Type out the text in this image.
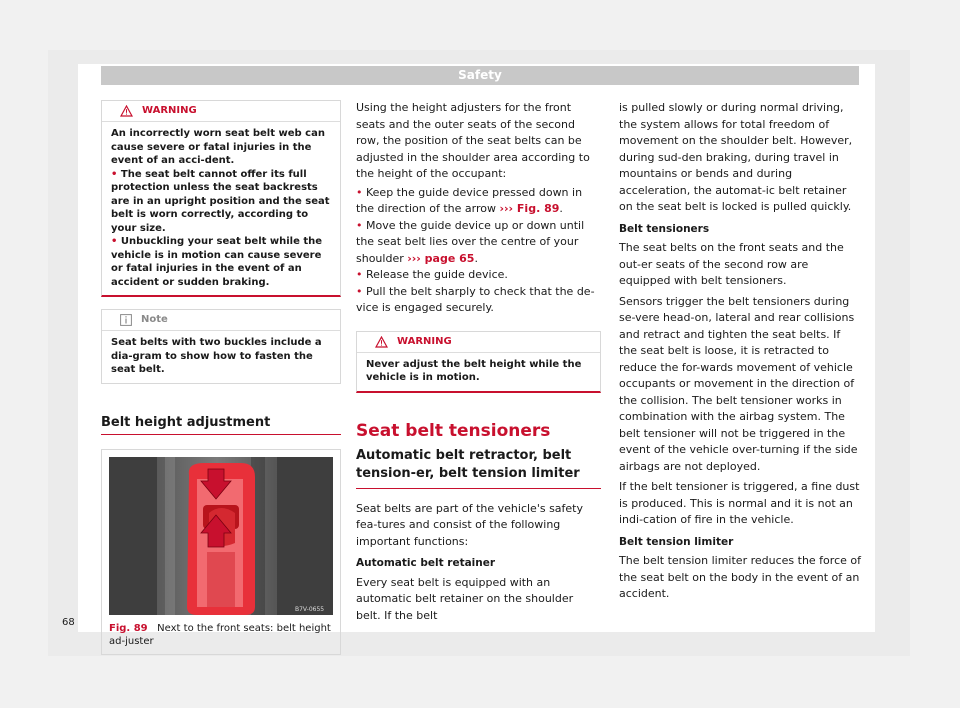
Safety
WARNING

An incorrectly worn seat belt web can cause severe or fatal injuries in the event of an acci-dent.

• The seat belt cannot offer its full protection unless the seat backrests are in an upright position and the seat belt is worn correctly, according to your size.

• Unbuckling your seat belt while the vehicle is in motion can cause severe or fatal injuries in the event of an accident or sudden braking.

Note

Seat belts with two buckles include a dia-gram to show how to fasten the seat belt.

Belt height adjustment
B7V-0655
Fig. 89 Next to the front seats: belt height ad-juster

Using the height adjusters for the front seats and the outer seats of the second row, the position of the seat belts can be adjusted in the shoulder area according to the height of the occupant:

• Keep the guide device pressed down in the direction of the arrow ››› Fig. 89.

• Move the guide device up or down until the seat belt lies over the centre of your shoulder ››› page 65.

• Release the guide device.

• Pull the belt sharply to check that the de-vice is engaged securely.

WARNING

Never adjust the belt height while the vehicle is in motion.

Seat belt tensioners
Automatic belt retractor, belt tension-er, belt tension limiter

Seat belts are part of the vehicle's safety fea-tures and consist of the following important functions:

Automatic belt retainer

Every seat belt is equipped with an automatic belt retainer on the shoulder belt. If the belt

is pulled slowly or during normal driving, the system allows for total freedom of movement on the shoulder belt. However, during sud-den braking, during travel in mountains or bends and during acceleration, the automat-ic belt retainer on the seat belt is locked is pulled quickly.

Belt tensioners

The seat belts on the front seats and the out-er seats of the second row are equipped with belt tensioners.

Sensors trigger the belt tensioners during se-vere head-on, lateral and rear collisions and retract and tighten the seat belts. If the seat belt is loose, it is retracted to reduce the for-wards movement of vehicle occupants or movement in the direction of the collision. The belt tensioner works in combination with the airbag system. The belt tensioner will not be triggered in the event of the vehicle over-turning if the side airbags are not deployed.

If the belt tensioner is triggered, a fine dust is produced. This is normal and it is not an indi-cation of fire in the vehicle.

Belt tension limiter

The belt tension limiter reduces the force of the seat belt on the body in the event of an accident.

68
